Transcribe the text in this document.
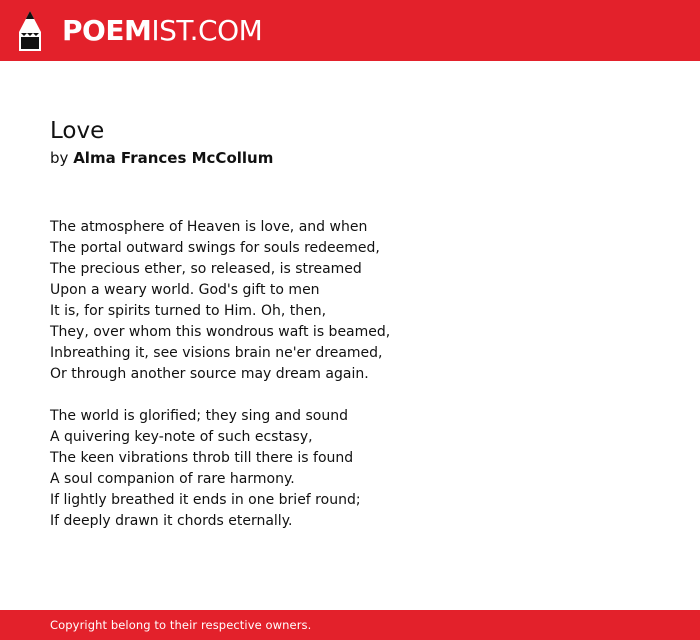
POEMIST.COM
Love
by Alma Frances McCollum
The atmosphere of Heaven is love, and when
The portal outward swings for souls redeemed,
The precious ether, so released, is streamed
Upon a weary world. God's gift to men
It is, for spirits turned to Him. Oh, then,
They, over whom this wondrous waft is beamed,
Inbreathing it, see visions brain ne'er dreamed,
Or through another source may dream again.
The world is glorified; they sing and sound
A quivering key-note of such ecstasy,
The keen vibrations throb till there is found
A soul companion of rare harmony.
If lightly breathed it ends in one brief round;
If deeply drawn it chords eternally.
Copyright belong to their respective owners.
